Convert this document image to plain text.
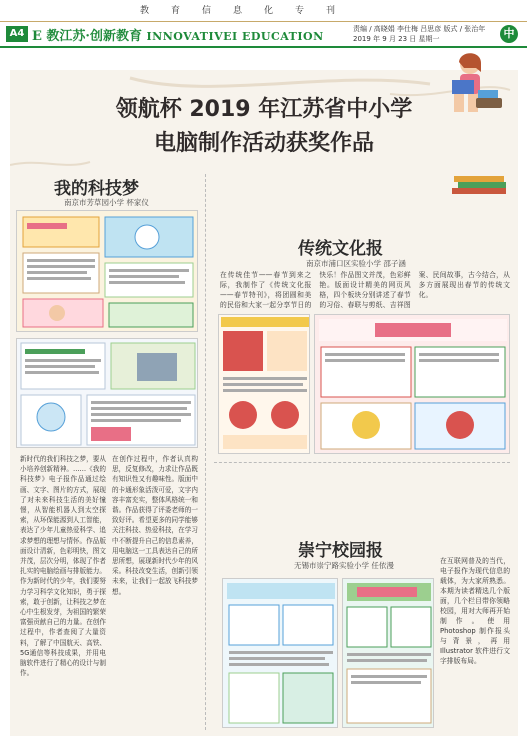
教育信息化专刊
A4 E 教江苏·创新教育 INNOVATIVEI EDUCATION
责编 / 高晓娟 李仕梅 吕思彦 版式 / 张治年
2019 年 9 月 23 日 星期一	中
领航杯 2019 年江苏省中小学
电脑制作活动获奖作品
我的科技梦
南京市芳草园小学 杯家仪
新时代的我们科技之梦，要从小培养创新精神。……《我的科技梦》电子报作品通过绘画、文字、图片的方式，展现了对未来科技生活的美好憧憬，从智能机器人到太空探索，从环保能源到人工智能，表达了少年儿童热爱科学、追求梦想的理想与情怀。作品版面设计清新，色彩明快，图文并茂，层次分明，体现了作者扎实的电脑绘画与排版能力。作为新时代的少年，我们要努力学习科学文化知识，勇于探索，敢于创新，让科技之梦在心中生根发芽，为祖国的繁荣富强贡献自己的力量。在创作过程中，作者查阅了大量资料，了解了中国航天、高铁、5G通信等科技成果，并用电脑软件进行了精心的设计与制作。
在创作过程中，作者认真构思，反复修改，力求让作品既有知识性又有趣味性。版面中的卡通形象活泼可爱，文字内容丰富充实，整体风格统一和谐。作品获得了评委老师的一致好评。希望更多的同学能够关注科技、热爱科技，在学习中不断提升自己的信息素养，用电脑这一工具表达自己的所思所想，展现新时代少年的风采。科技改变生活，创新引领未来，让我们一起放飞科技梦想。
传统文化报
南京市浦口区实验小学 邵子涵
在传统佳节——春节到来之际，我制作了《传统文化报——春节特刊》，将团圆和美的民俗和大家一起分享节日的快乐！作品图文并茂，色彩鲜艳。版面设计精美的网页风格，四个板块分别讲述了春节的习俗、春联与剪纸、吉祥图案、民间故事，古今结合，从多方面展现出春节的传统文化。
崇宁校园报
无锡市崇宁路实验小学 任依漫	在互联网普及的当代，电子报作为现代信息的载体，为大家所熟悉。本期为读者精选几个版面，几个栏目带你领略校园，用对大师再开始制作。使用 Photoshop 制作报头与背景，再用 Illustrator 软件进行文字排版布局。
